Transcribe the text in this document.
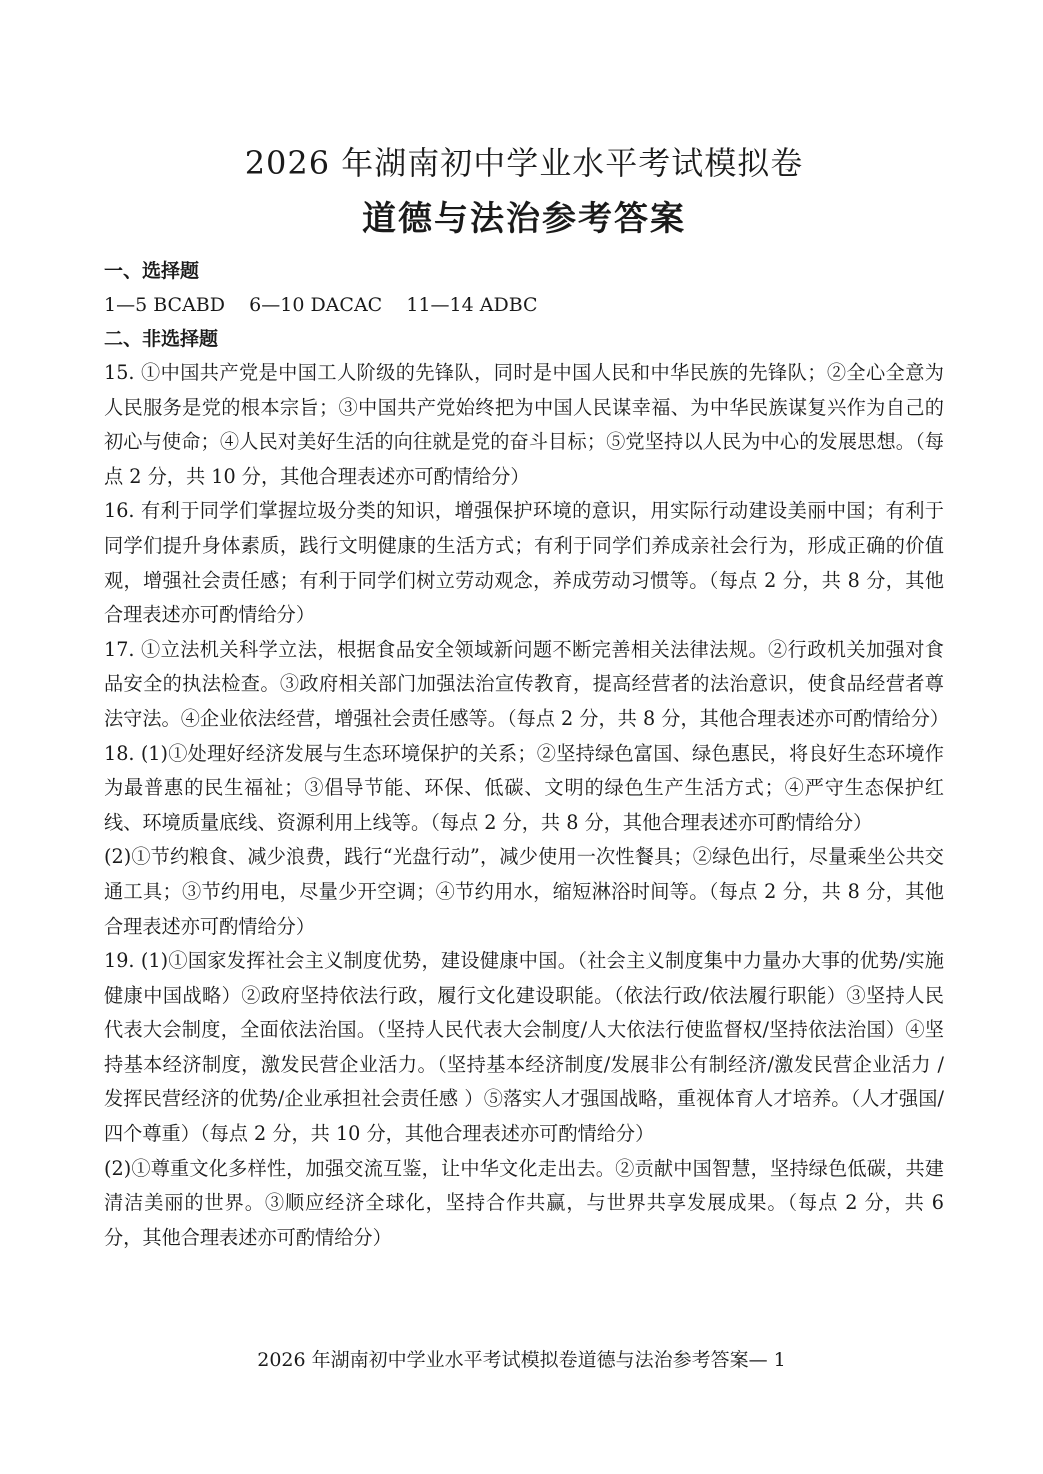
2026 年湖南初中学业水平考试模拟卷
道德与法治参考答案

一、选择题

1—5 BCABD    6—10 DACAC    11—14 ADBC

二、非选择题

15. ①中国共产党是中国工人阶级的先锋队，同时是中国人民和中华民族的先锋队；②全心全意为人民服务是党的根本宗旨；③中国共产党始终把为中国人民谋幸福、为中华民族谋复兴作为自己的初心与使命；④人民对美好生活的向往就是党的奋斗目标；⑤党坚持以人民为中心的发展思想。（每点 2 分，共 10 分，其他合理表述亦可酌情给分）

16. 有利于同学们掌握垃圾分类的知识，增强保护环境的意识，用实际行动建设美丽中国；有利于同学们提升身体素质，践行文明健康的生活方式；有利于同学们养成亲社会行为，形成正确的价值观，增强社会责任感；有利于同学们树立劳动观念，养成劳动习惯等。（每点 2 分，共 8 分，其他合理表述亦可酌情给分）

17. ①立法机关科学立法，根据食品安全领域新问题不断完善相关法律法规。②行政机关加强对食品安全的执法检查。③政府相关部门加强法治宣传教育，提高经营者的法治意识，使食品经营者尊法守法。④企业依法经营，增强社会责任感等。（每点 2 分，共 8 分，其他合理表述亦可酌情给分）

18. (1)①处理好经济发展与生态环境保护的关系；②坚持绿色富国、绿色惠民，将良好生态环境作为最普惠的民生福祉；③倡导节能、环保、低碳、文明的绿色生产生活方式；④严守生态保护红线、环境质量底线、资源利用上线等。（每点 2 分，共 8 分，其他合理表述亦可酌情给分）

(2)①节约粮食、减少浪费，践行“光盘行动”，减少使用一次性餐具；②绿色出行，尽量乘坐公共交通工具；③节约用电，尽量少开空调；④节约用水，缩短淋浴时间等。（每点 2 分，共 8 分，其他合理表述亦可酌情给分）

19. (1)①国家发挥社会主义制度优势，建设健康中国。（社会主义制度集中力量办大事的优势/实施健康中国战略）②政府坚持依法行政，履行文化建设职能。（依法行政/依法履行职能）③坚持人民代表大会制度，全面依法治国。（坚持人民代表大会制度/人大依法行使监督权/坚持依法治国）④坚持基本经济制度，激发民营企业活力。（坚持基本经济制度/发展非公有制经济/激发民营企业活力 /发挥民营经济的优势/企业承担社会责任感 ）⑤落实人才强国战略，重视体育人才培养。（人才强国/四个尊重）（每点 2 分，共 10 分，其他合理表述亦可酌情给分）

(2)①尊重文化多样性，加强交流互鉴，让中华文化走出去。②贡献中国智慧，坚持绿色低碳，共建清洁美丽的世界。③顺应经济全球化，坚持合作共赢，与世界共享发展成果。（每点 2 分，共 6 分，其他合理表述亦可酌情给分）

2026 年湖南初中学业水平考试模拟卷道德与法治参考答案— 1
